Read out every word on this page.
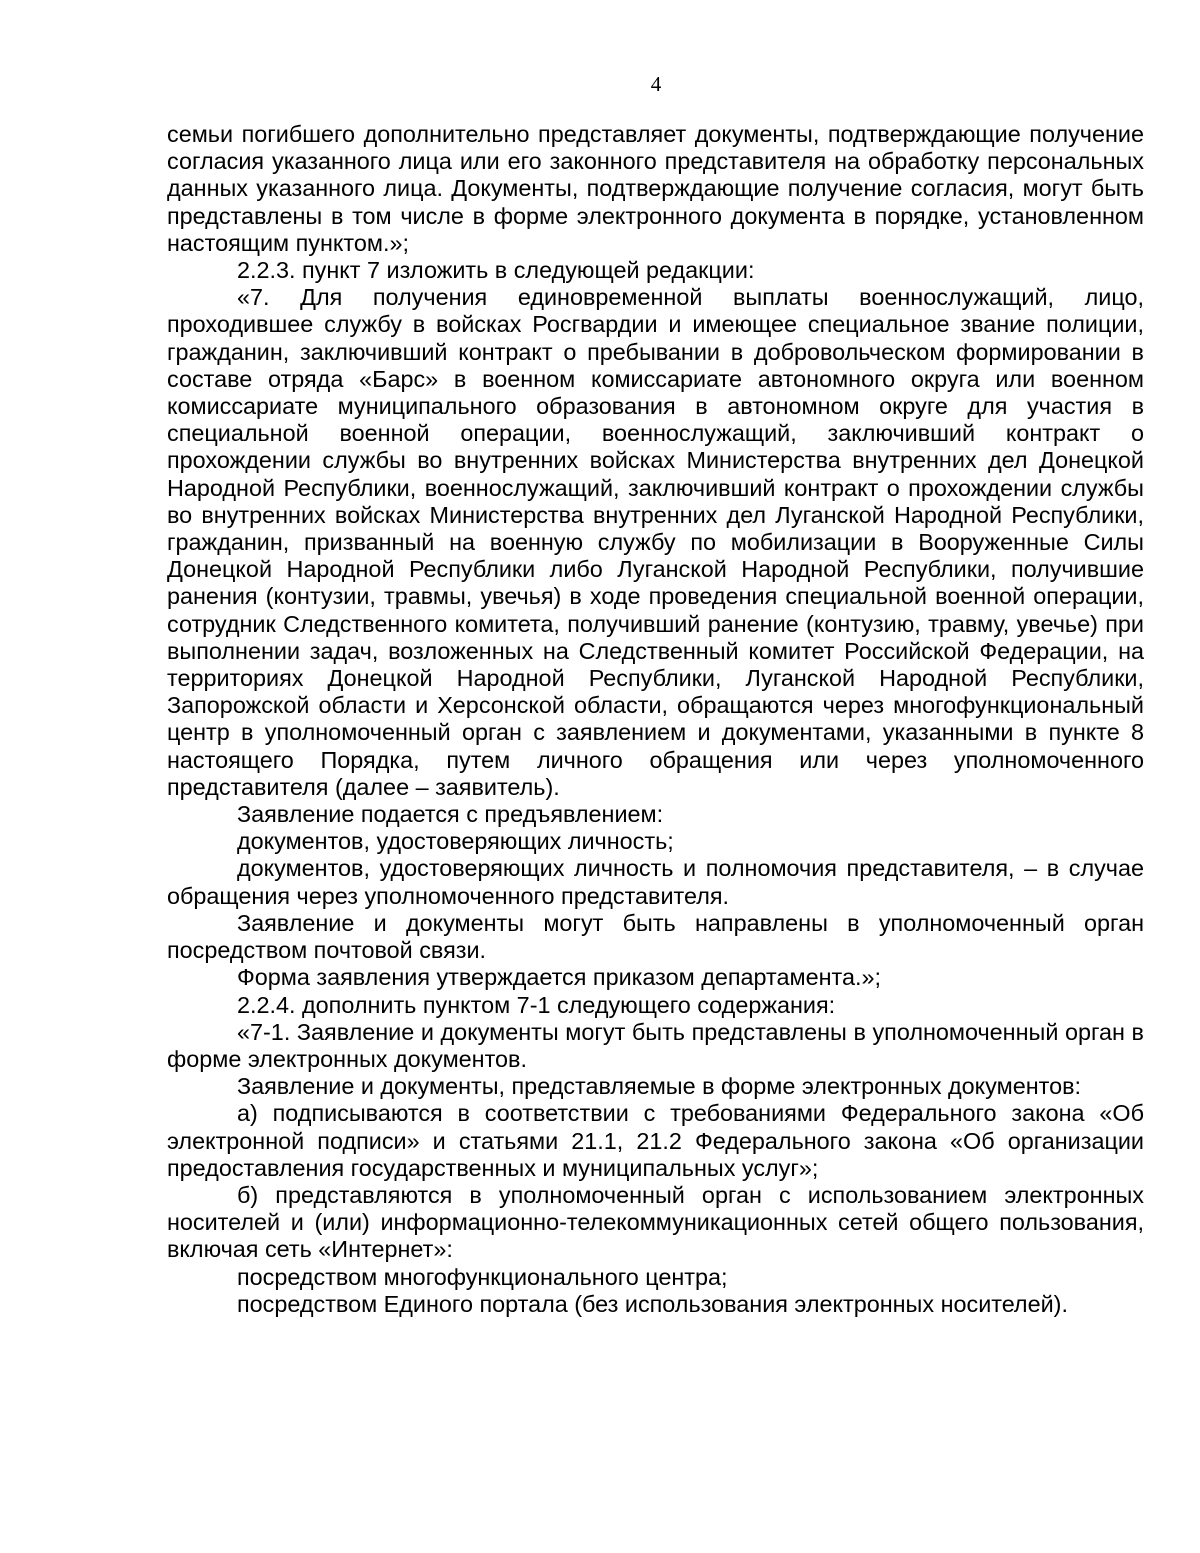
4

семьи погибшего дополнительно представляет документы, подтверждающие получение согласия указанного лица или его законного представителя на обработку персональных данных указанного лица. Документы, подтверждающие получение согласия, могут быть представлены в том числе в форме электронного документа в порядке, установленном настоящим пунктом.»;

2.2.3. пункт 7 изложить в следующей редакции:

«7. Для получения единовременной выплаты военнослужащий, лицо, проходившее службу в войсках Росгвардии и имеющее специальное звание полиции, гражданин, заключивший контракт о пребывании в добровольческом формировании в составе отряда «Барс» в военном комиссариате автономного округа или военном комиссариате муниципального образования в автономном округе для участия в специальной военной операции, военнослужащий, заключивший контракт о прохождении службы во внутренних войсках Министерства внутренних дел Донецкой Народной Республики, военнослужащий, заключивший контракт о прохождении службы во внутренних войсках Министерства внутренних дел Луганской Народной Республики, гражданин, призванный на военную службу по мобилизации в Вооруженные Силы Донецкой Народной Республики либо Луганской Народной Республики, получившие ранения (контузии, травмы, увечья) в ходе проведения специальной военной операции, сотрудник Следственного комитета, получивший ранение (контузию, травму, увечье) при выполнении задач, возложенных на Следственный комитет Российской Федерации, на территориях Донецкой Народной Республики, Луганской Народной Республики, Запорожской области и Херсонской области, обращаются через многофункциональный центр в уполномоченный орган с заявлением и документами, указанными в пункте 8 настоящего Порядка, путем личного обращения или через уполномоченного представителя (далее – заявитель).

Заявление подается с предъявлением:

документов, удостоверяющих личность;

документов, удостоверяющих личность и полномочия представителя, – в случае обращения через уполномоченного представителя.

Заявление и документы могут быть направлены в уполномоченный орган посредством почтовой связи.

Форма заявления утверждается приказом департамента.»;

2.2.4. дополнить пунктом 7-1 следующего содержания:

«7-1. Заявление и документы могут быть представлены в уполномоченный орган в форме электронных документов.

Заявление и документы, представляемые в форме электронных документов:

а) подписываются в соответствии с требованиями Федерального закона «Об электронной подписи» и статьями 21.1, 21.2 Федерального закона «Об организации предоставления государственных и муниципальных услуг»;

б) представляются в уполномоченный орган с использованием электронных носителей и (или) информационно-телекоммуникационных сетей общего пользования, включая сеть «Интернет»:

посредством многофункционального центра;

посредством Единого портала (без использования электронных носителей).
